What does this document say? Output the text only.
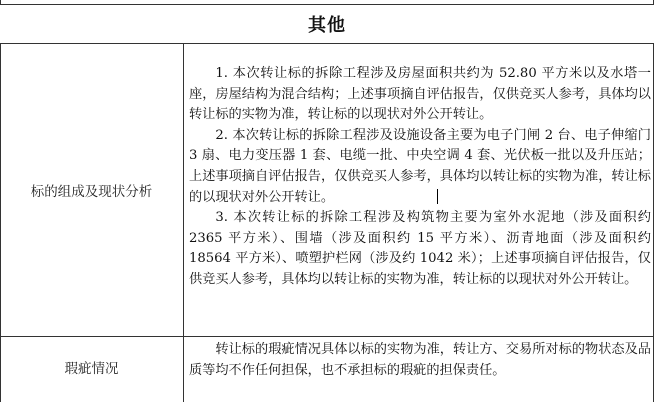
其他
标的组成及现状分析

1. 本次转让标的拆除工程涉及房屋面积共约为 52.80 平方米以及水塔一座，房屋结构为混合结构；上述事项摘自评估报告，仅供竞买人参考，具体均以转让标的实物为准，转让标的以现状对外公开转让。

2. 本次转让标的拆除工程涉及设施设备主要为电子门闸 2 台、电子伸缩门 3 扇、电力变压器 1 套、电缆一批、中央空调 4 套、光伏板一批以及升压站；上述事项摘自评估报告，仅供竞买人参考，具体均以转让标的实物为准，转让标的以现状对外公开转让。

3. 本次转让标的拆除工程涉及构筑物主要为室外水泥地（涉及面积约 2365 平方米）、围墙（涉及面积约 15 平方米）、沥青地面（涉及面积约 18564 平方米）、喷塑护栏网（涉及约 1042 米）；上述事项摘自评估报告，仅供竞买人参考，具体均以转让标的实物为准，转让标的以现状对外公开转让。

瑕疵情况

转让标的瑕疵情况具体以标的实物为准，转让方、交易所对标的物状态及品质等均不作任何担保，也不承担标的瑕疵的担保责任。
